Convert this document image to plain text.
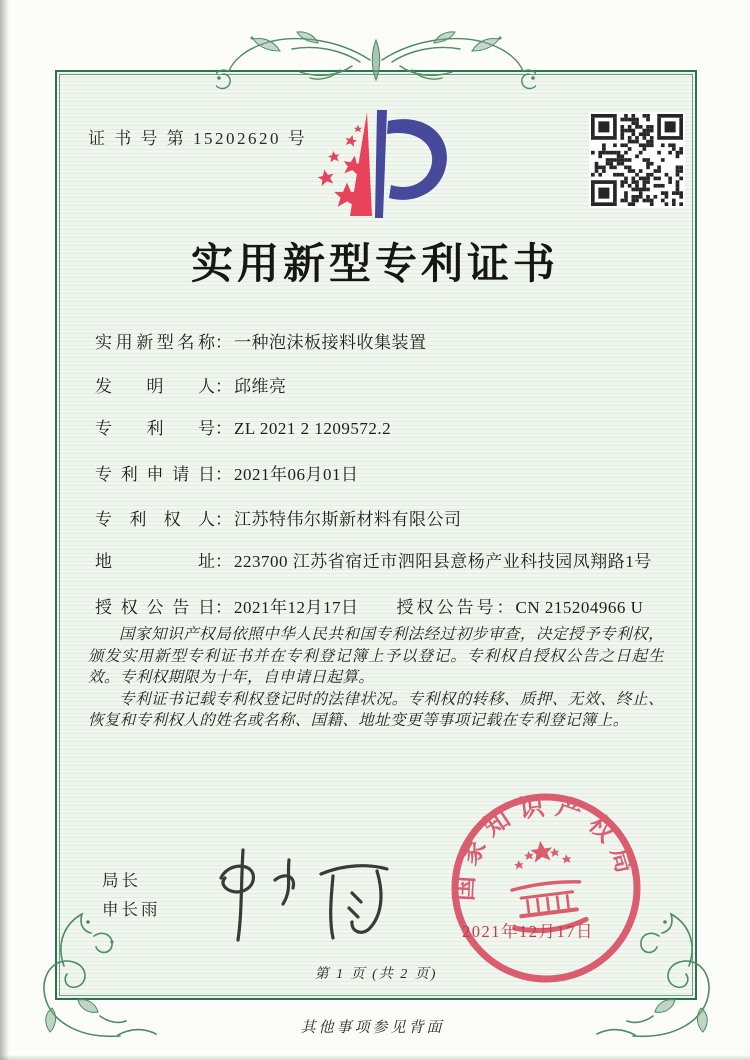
证 书 号 第 15202620 号
实用新型专利证书
实用新型名称： 一种泡沫板接料收集装置
发明人： 邱维亮
专利号： ZL 2021 2 1209572.2
专利申请日： 2021年06月01日
专利权人： 江苏特伟尔斯新材料有限公司
地址： 223700 江苏省宿迁市泗阳县意杨产业科技园凤翔路1号
授权公告日： 2021年12月17日 授权公告号： CN 215204966 U

国家知识产权局依照中华人民共和国专利法经过初步审查，决定授予专利权，颁发实用新型专利证书并在专利登记簿上予以登记。专利权自授权公告之日起生效。专利权期限为十年，自申请日起算。

专利证书记载专利权登记时的法律状况。专利权的转移、质押、无效、终止、恢复和专利权人的姓名或名称、国籍、地址变更等事项记载在专利登记簿上。

局长
申长雨
国家知识产权局
2021年12月17日
第 1 页 (共 2 页)
其他事项参见背面
